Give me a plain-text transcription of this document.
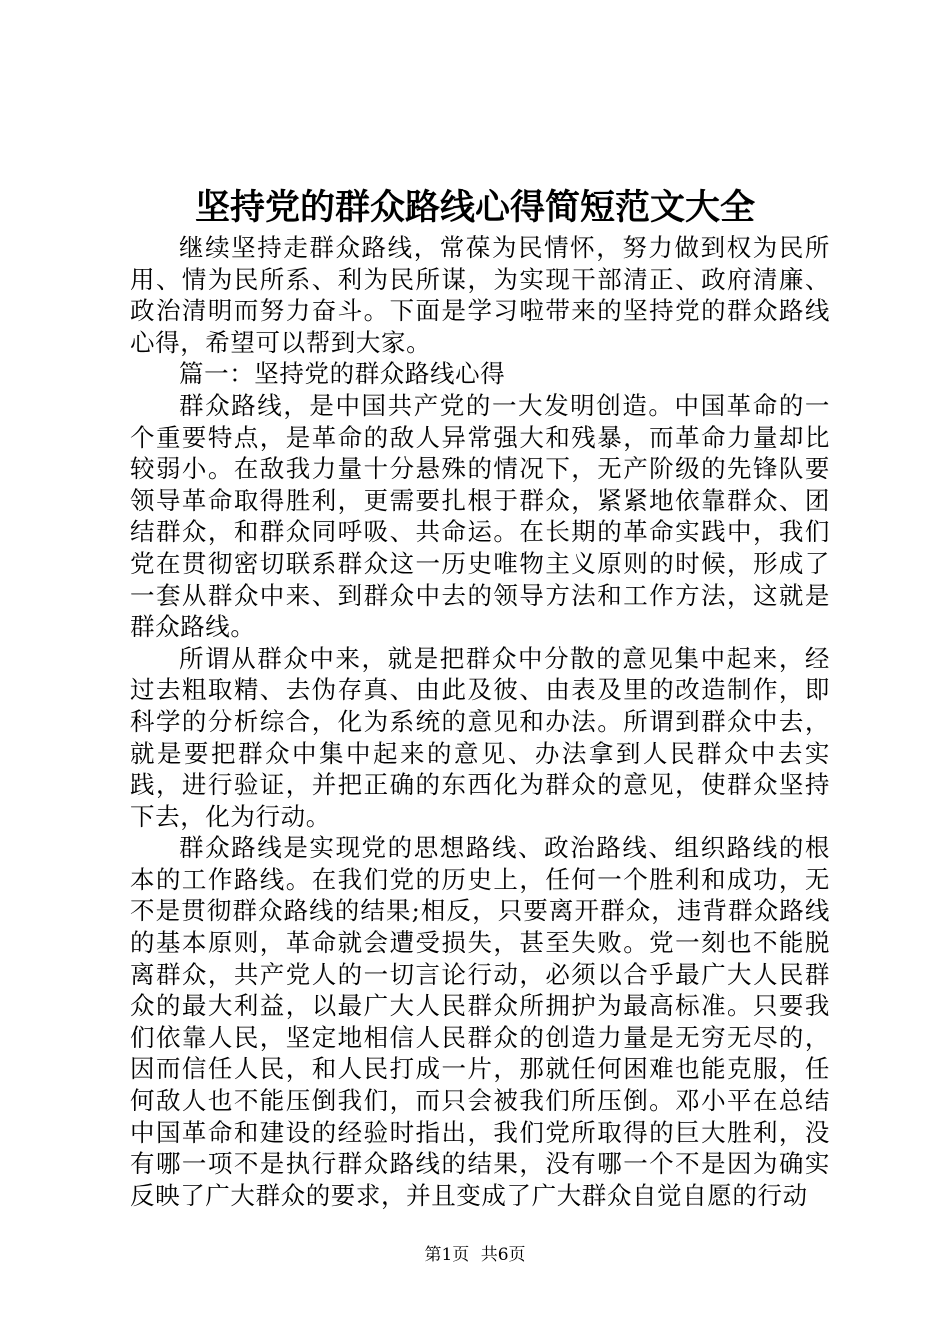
坚持党的群众路线心得简短范文大全

继续坚持走群众路线，常葆为民情怀，努力做到权为民所用、情为民所系、利为民所谋，为实现干部清正、政府清廉、政治清明而努力奋斗。下面是学习啦带来的坚持党的群众路线心得，希望可以帮到大家。

篇一：坚持党的群众路线心得

群众路线，是中国共产党的一大发明创造。中国革命的一个重要特点，是革命的敌人异常强大和残暴，而革命力量却比较弱小。在敌我力量十分悬殊的情况下，无产阶级的先锋队要领导革命取得胜利，更需要扎根于群众，紧紧地依靠群众、团结群众，和群众同呼吸、共命运。在长期的革命实践中，我们党在贯彻密切联系群众这一历史唯物主义原则的时候，形成了一套从群众中来、到群众中去的领导方法和工作方法，这就是群众路线。

所谓从群众中来，就是把群众中分散的意见集中起来，经过去粗取精、去伪存真、由此及彼、由表及里的改造制作，即科学的分析综合，化为系统的意见和办法。所谓到群众中去，就是要把群众中集中起来的意见、办法拿到人民群众中去实践，进行验证，并把正确的东西化为群众的意见，使群众坚持下去，化为行动。

群众路线是实现党的思想路线、政治路线、组织路线的根本的工作路线。在我们党的历史上，任何一个胜利和成功，无不是贯彻群众路线的结果;相反，只要离开群众，违背群众路线的基本原则，革命就会遭受损失，甚至失败。党一刻也不能脱离群众，共产党人的一切言论行动，必须以合乎最广大人民群众的最大利益，以最广大人民群众所拥护为最高标准。只要我们依靠人民，坚定地相信人民群众的创造力量是无穷无尽的，因而信任人民，和人民打成一片，那就任何困难也能克服，任何敌人也不能压倒我们，而只会被我们所压倒。邓小平在总结中国革命和建设的经验时指出，我们党所取得的巨大胜利，没有哪一项不是执行群众路线的结果，没有哪一个不是因为确实反映了广大群众的要求，并且变成了广大群众自觉自愿的行动

第1页 共6页
